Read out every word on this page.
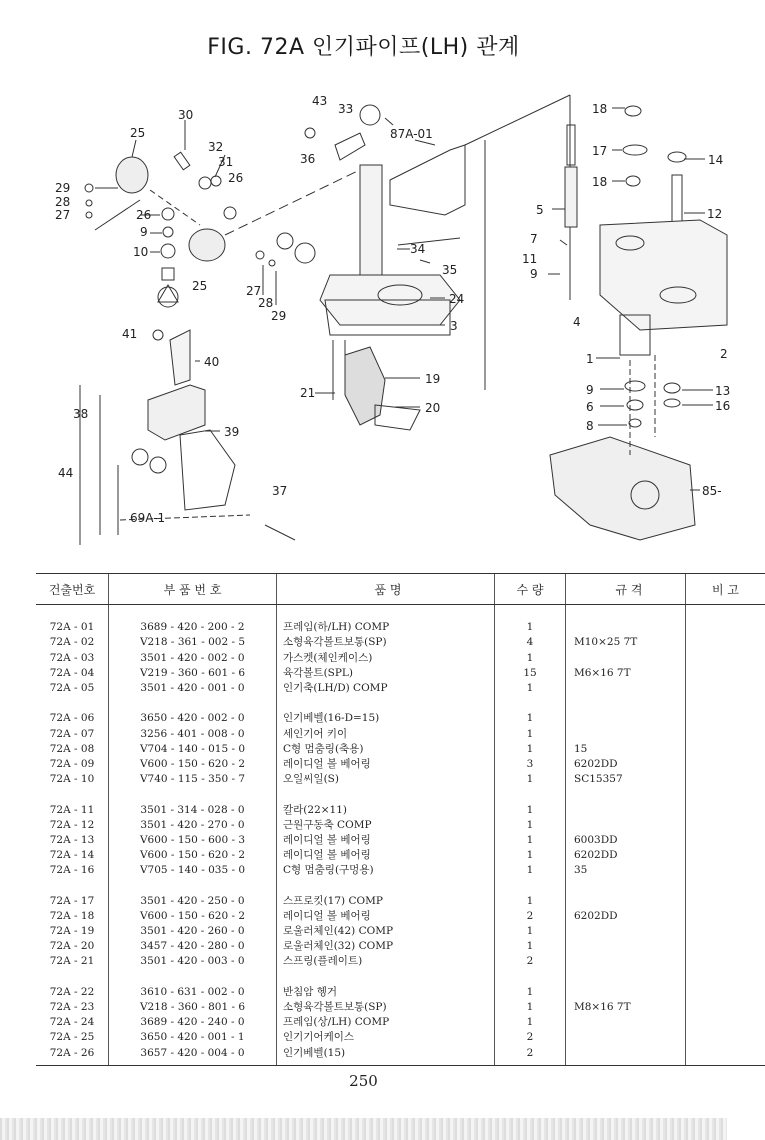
FIG. 72A 인기파이프(LH) 관계
30
25
32
31
26
29
28
27	26
9
10
25	27
28
29
43
33
36
87A-01
34
35
24
3
21
19
20
41
40
38
39
44
69A-1
37
18
17
18
14
5	12
7
11
9
4
1	2
9
6
8
13
16
85-
건출번호	부 품 번 호	품 명	수 량	규 격	비 고

72A - 01	3689 - 420 - 200 - 2	프레임(하/LH) COMP	1		
72A - 02	V218 - 361 - 002 - 5	소형육각볼트보통(SP)	4	M10×25 7T	
72A - 03	3501 - 420 - 002 - 0	가스켓(체인케이스)	1		
72A - 04	V219 - 360 - 601 - 6	육각볼트(SPL)	15	M6×16 7T	
72A - 05	3501 - 420 - 001 - 0	인기축(LH/D) COMP	1		

72A - 06	3650 - 420 - 002 - 0	인기베벨(16-D=15)	1		
72A - 07	3256 - 401 - 008 - 0	세인기어 키이	1		
72A - 08	V704 - 140 - 015 - 0	C형 멈춤링(축용)	1	15	
72A - 09	V600 - 150 - 620 - 2	레이디얼 볼 베어링	3	6202DD	
72A - 10	V740 - 115 - 350 - 7	오일씨일(S)	1	SC15357	

72A - 11	3501 - 314 - 028 - 0	칼라(22×11)	1		
72A - 12	3501 - 420 - 270 - 0	근원구동축 COMP	1		
72A - 13	V600 - 150 - 600 - 3	레이디얼 볼 베어링	1	6003DD	
72A - 14	V600 - 150 - 620 - 2	레이디얼 볼 베어링	1	6202DD	
72A - 16	V705 - 140 - 035 - 0	C형 멈춤링(구멍용)	1	35	

72A - 17	3501 - 420 - 250 - 0	스프로킷(17) COMP	1		
72A - 18	V600 - 150 - 620 - 2	레이디얼 볼 베어링	2	6202DD	
72A - 19	3501 - 420 - 260 - 0	로울러체인(42) COMP	1		
72A - 20	3457 - 420 - 280 - 0	로울러체인(32) COMP	1		
72A - 21	3501 - 420 - 003 - 0	스프링(플레이트)	2		

72A - 22	3610 - 631 - 002 - 0	반침암 헹거	1		
72A - 23	V218 - 360 - 801 - 6	소형육각볼트보통(SP)	1	M8×16 7T	
72A - 24	3689 - 420 - 240 - 0	프레임(상/LH) COMP	1		
72A - 25	3650 - 420 - 001 - 1	인기기어케이스	2		
72A - 26	3657 - 420 - 004 - 0	인기베벨(15)	2		

250
